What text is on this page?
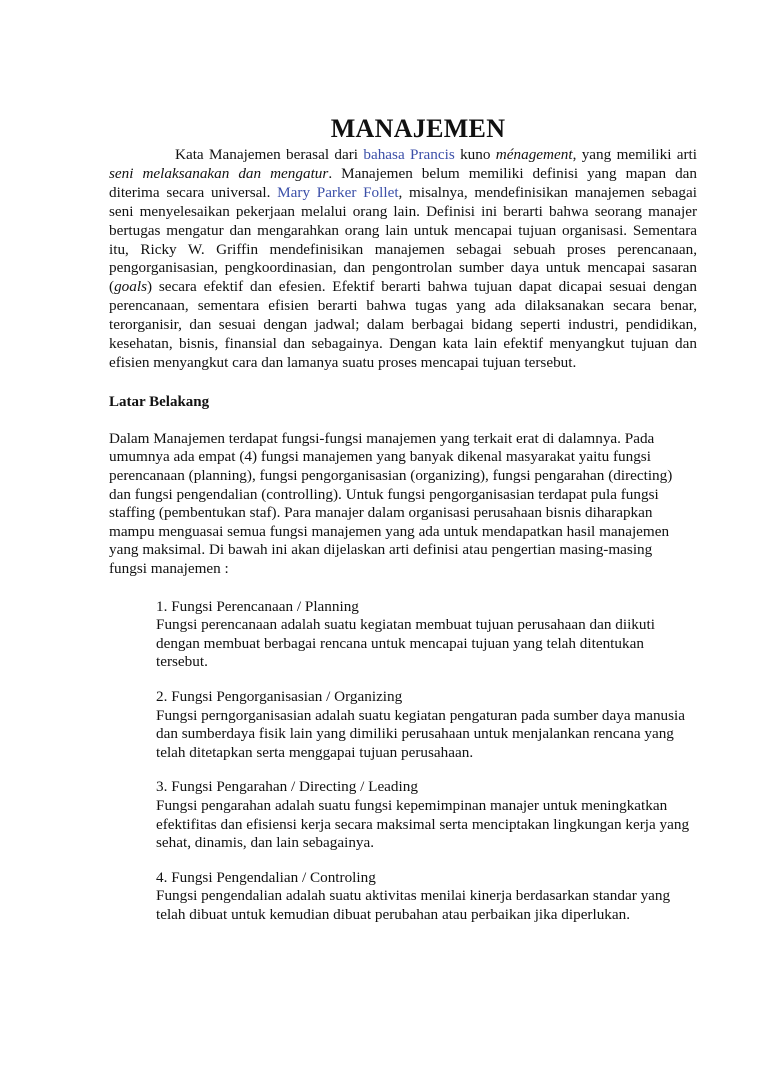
MANAJEMEN

Kata Manajemen berasal dari bahasa Prancis kuno ménagement, yang memiliki arti seni melaksanakan dan mengatur. Manajemen belum memiliki definisi yang mapan dan diterima secara universal. Mary Parker Follet, misalnya, mendefinisikan manajemen sebagai seni menyelesaikan pekerjaan melalui orang lain. Definisi ini berarti bahwa seorang manajer bertugas mengatur dan mengarahkan orang lain untuk mencapai tujuan organisasi. Sementara itu, Ricky W. Griffin mendefinisikan manajemen sebagai sebuah proses perencanaan, pengorganisasian, pengkoordinasian, dan pengontrolan sumber daya untuk mencapai sasaran (goals) secara efektif dan efesien. Efektif berarti bahwa tujuan dapat dicapai sesuai dengan perencanaan, sementara efisien berarti bahwa tugas yang ada dilaksanakan secara benar, terorganisir, dan sesuai dengan jadwal; dalam berbagai bidang seperti industri, pendidikan, kesehatan, bisnis, finansial dan sebagainya. Dengan kata lain efektif menyangkut tujuan dan efisien menyangkut cara dan lamanya suatu proses mencapai tujuan tersebut.

Latar Belakang

Dalam Manajemen terdapat fungsi-fungsi manajemen yang terkait erat di dalamnya. Pada umumnya ada empat (4) fungsi manajemen yang banyak dikenal masyarakat yaitu fungsi perencanaan (planning), fungsi pengorganisasian (organizing), fungsi pengarahan (directing) dan fungsi pengendalian (controlling). Untuk fungsi pengorganisasian terdapat pula fungsi staffing (pembentukan staf). Para manajer dalam organisasi perusahaan bisnis diharapkan mampu menguasai semua fungsi manajemen yang ada untuk mendapatkan hasil manajemen yang maksimal. Di bawah ini akan dijelaskan arti definisi atau pengertian masing-masing fungsi manajemen :

1. Fungsi Perencanaan / Planning
Fungsi perencanaan adalah suatu kegiatan membuat tujuan perusahaan dan diikuti dengan membuat berbagai rencana untuk mencapai tujuan yang telah ditentukan tersebut.
2. Fungsi Pengorganisasian / Organizing
Fungsi perngorganisasian adalah suatu kegiatan pengaturan pada sumber daya manusia dan sumberdaya fisik lain yang dimiliki perusahaan untuk menjalankan rencana yang telah ditetapkan serta menggapai tujuan perusahaan.
3. Fungsi Pengarahan / Directing / Leading
Fungsi pengarahan adalah suatu fungsi kepemimpinan manajer untuk meningkatkan efektifitas dan efisiensi kerja secara maksimal serta menciptakan lingkungan kerja yang sehat, dinamis, dan lain sebagainya.
4. Fungsi Pengendalian / Controling
Fungsi pengendalian adalah suatu aktivitas menilai kinerja berdasarkan standar yang telah dibuat untuk kemudian dibuat perubahan atau perbaikan jika diperlukan.
